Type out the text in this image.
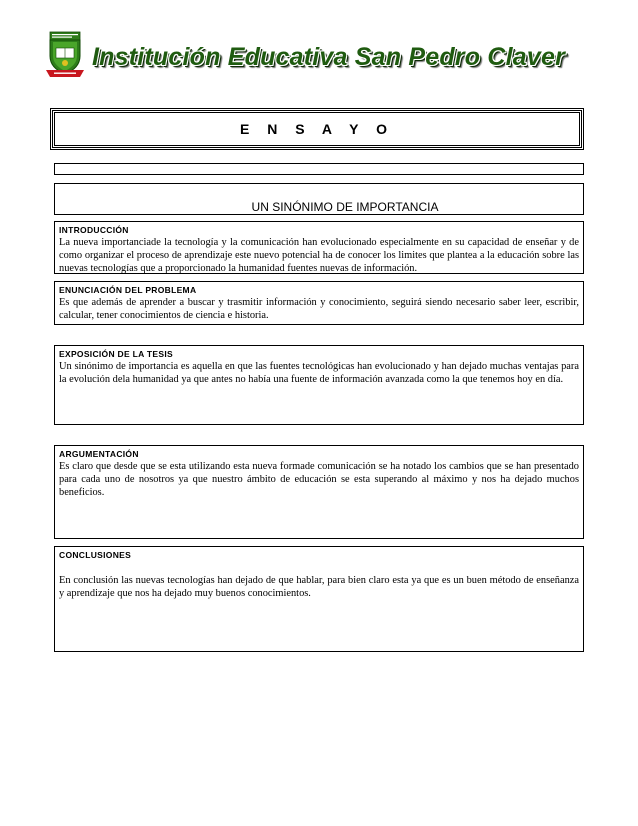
Institución Educativa San Pedro Claver
E N S A Y O
UN SINÓNIMO DE IMPORTANCIA
INTRODUCCIÓN
La nueva importanciade la tecnología y la comunicación han evolucionado especialmente en su capacidad de enseñar y de como organizar el proceso de aprendizaje este nuevo potencial ha de conocer los limites que plantea a la educación sobre las nuevas tecnologías que a proporcionado la humanidad fuentes nuevas de información.
ENUNCIACIÓN DEL PROBLEMA
Es que además de aprender a buscar y trasmitir información y conocimiento, seguirá siendo necesario saber leer, escribir, calcular, tener conocimientos de ciencia e historia.
EXPOSICIÓN DE LA TESIS
Un sinónimo de importancia es aquella en que las fuentes tecnológicas han evolucionado y han dejado muchas ventajas para la evolución dela humanidad ya que antes no había una fuente de información avanzada como la que tenemos hoy en día.
ARGUMENTACIÓN
Es claro que desde que se esta utilizando esta nueva formade comunicación se ha notado los cambios que se han presentado para cada uno de nosotros ya que nuestro ámbito de educación se esta superando al máximo y nos ha dejado muchos beneficios.
CONCLUSIONES
En conclusión las nuevas tecnologías han dejado de que hablar, para bien claro esta ya que es un buen método de enseñanza y aprendizaje que nos ha dejado muy buenos conocimientos.
